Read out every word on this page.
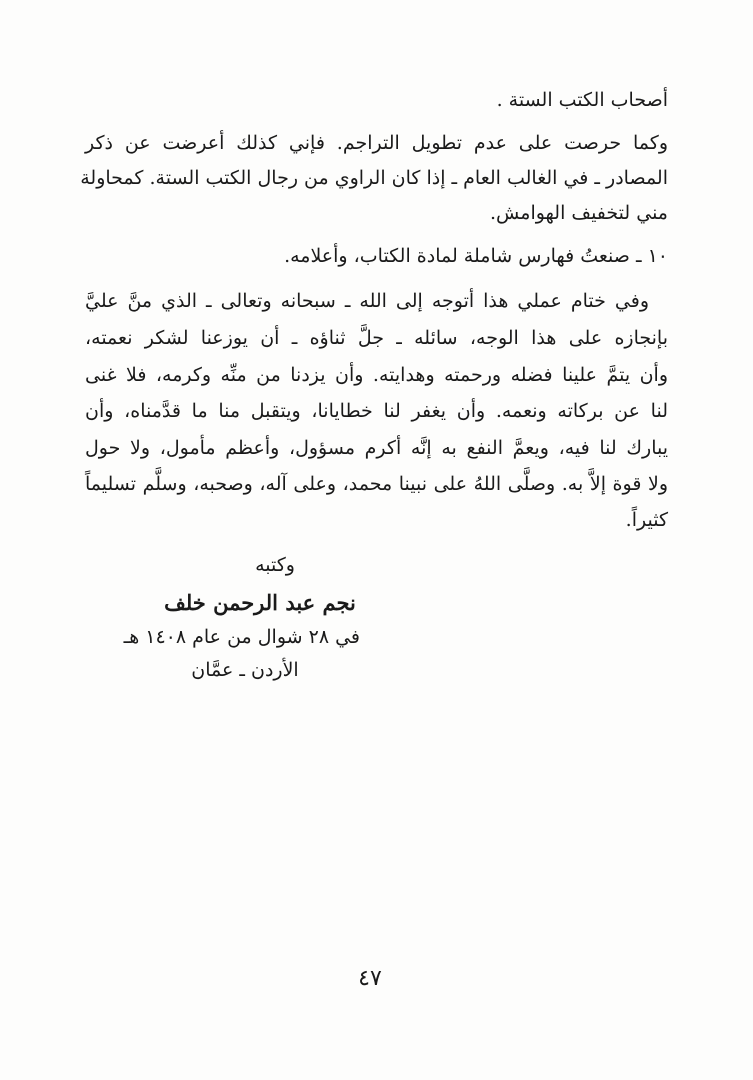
أصحاب الكتب الستة .

وكما حرصت على عدم تطويل التراجم. فإني كذلك أعرضت عن ذكر

المصادر ـ في الغالب العام ـ إذا كان الراوي من رجال الكتب الستة. كمحاولة

مني لتخفيف الهوامش.

١٠ ـ صنعتُ فهارس شاملة لمادة الكتاب، وأعلامه.

وفي ختام عملي هذا أتوجه إلى الله ـ سبحانه وتعالى ـ الذي منَّ عليَّ

بإنجازه على هذا الوجه، سائله ـ جلَّ ثناؤه ـ أن يوزعنا لشكر نعمته،

وأن يتمَّ علينا فضله ورحمته وهدايته. وأن يزدنا من منِّه وكرمه، فلا غنى

لنا عن بركاته ونعمه. وأن يغفر لنا خطايانا، ويتقبل منا ما قدَّمناه، وأن

يبارك لنا فيه، ويعمَّ النفع به إنَّه أكرم مسؤول، وأعظم مأمول، ولا حول

ولا قوة إلاَّ به. وصلَّى اللهُ على نبينا محمد، وعلى آله، وصحبه، وسلَّم تسليماً

كثيراً.

وكتبه

نجم عبد الرحمن خلف

في ٢٨ شوال من عام ١٤٠٨ هـ

الأردن ـ عمَّان

٤٧
